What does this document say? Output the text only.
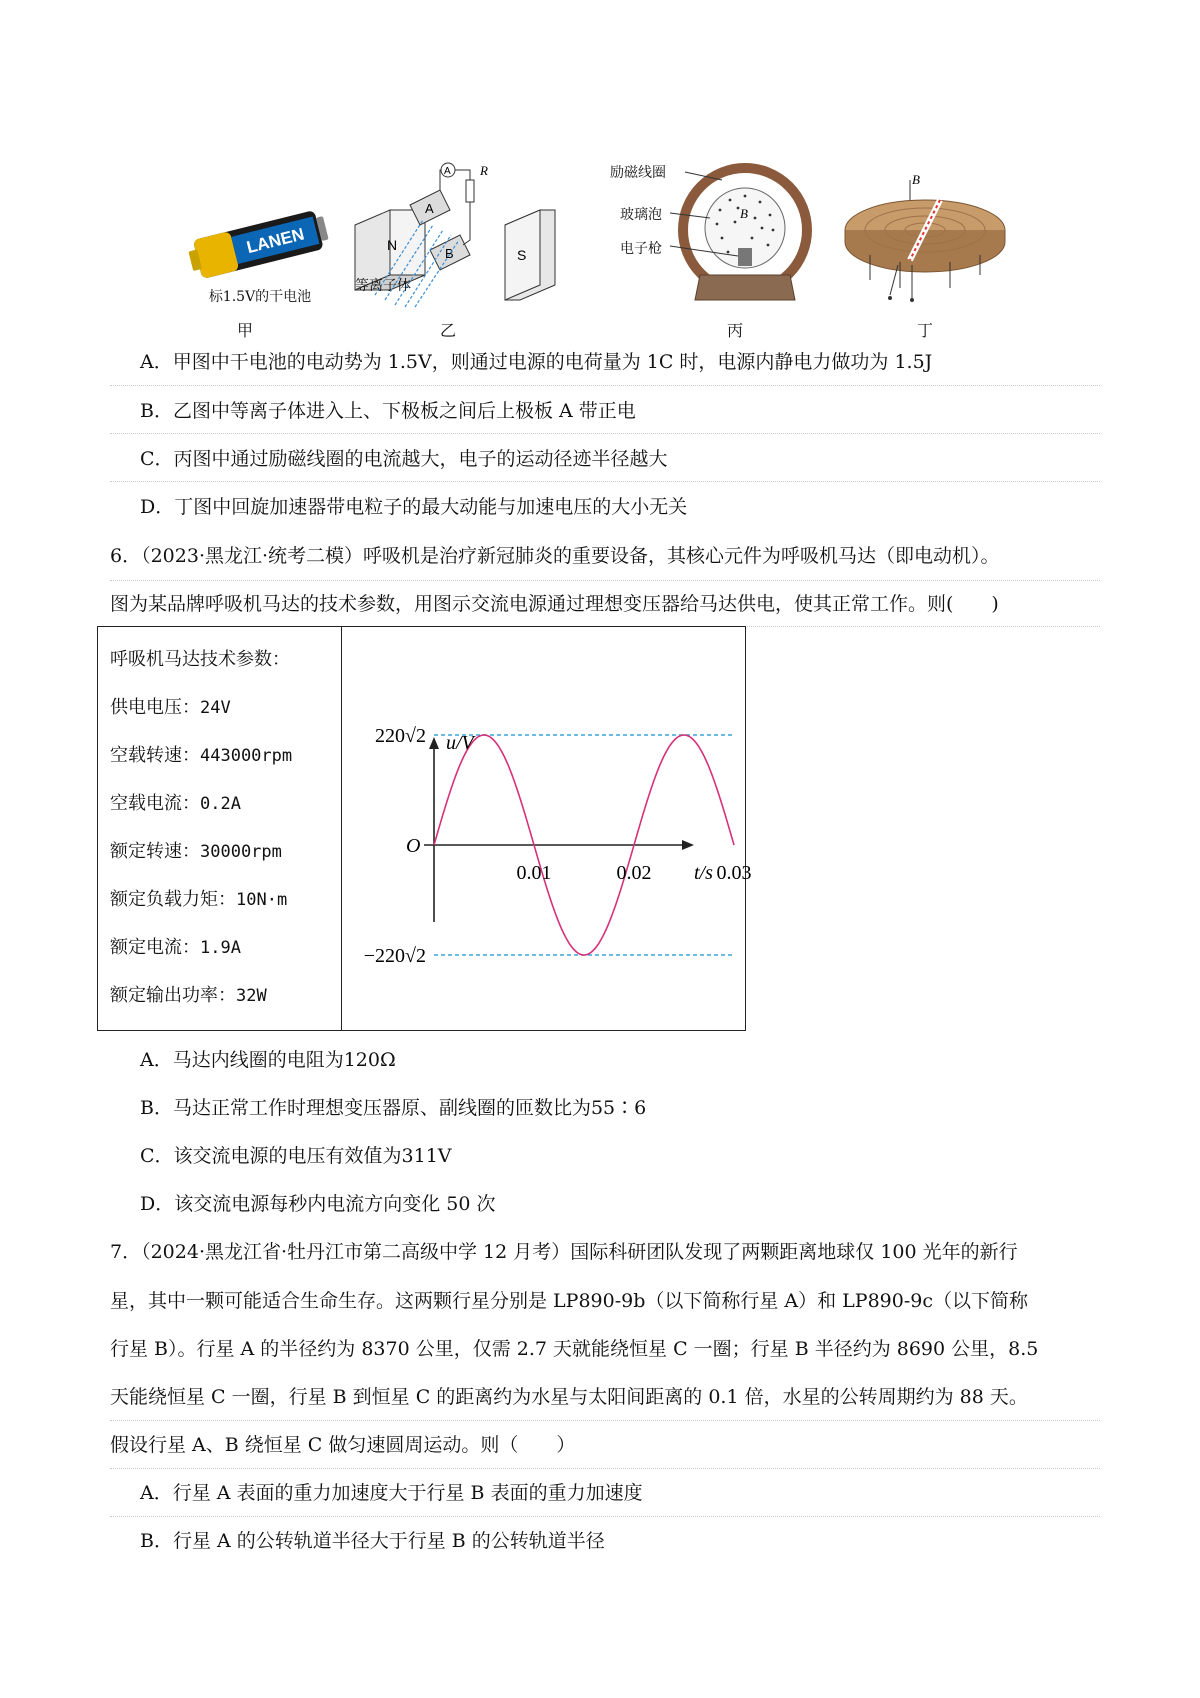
LANEN
标1.5V的干电池
甲
N
S
A
B
A R
等离子体
乙
励磁线圈
玻璃泡
电子枪
B
丙
B
丁
A．甲图中干电池的电动势为 1.5V，则通过电源的电荷量为 1C 时，电源内静电力做功为 1.5J
B．乙图中等离子体进入上、下极板之间后上极板 A 带正电
C．丙图中通过励磁线圈的电流越大，电子的运动径迹半径越大
D．丁图中回旋加速器带电粒子的最大动能与加速电压的大小无关
6．（2023·黑龙江·统考二模）呼吸机是治疗新冠肺炎的重要设备，其核心元件为呼吸机马达（即电动机）。
图为某品牌呼吸机马达的技术参数，用图示交流电源通过理想变压器给马达供电，使其正常工作。则(　　)
呼吸机马达技术参数：
供电电压：24V
空载转速：443000rpm
空载电流：0.2A
额定转速：30000rpm
额定负载力矩：10N·m
额定电流：1.9A
额定输出功率：32W
u/V
t/s
O
220√2
−220√2
0.01	0.02	0.03
A．马达内线圈的电阻为120Ω
B．马达正常工作时理想变压器原、副线圈的匝数比为55∶6
C．该交流电源的电压有效值为311V
D．该交流电源每秒内电流方向变化 50 次
7．（2024·黑龙江省·牡丹江市第二高级中学 12 月考）国际科研团队发现了两颗距离地球仅 100 光年的新行
星，其中一颗可能适合生命生存。这两颗行星分别是 LP890-9b（以下简称行星 A）和 LP890-9c（以下简称
行星 B）。行星 A 的半径约为 8370 公里，仅需 2.7 天就能绕恒星 C 一圈；行星 B 半径约为 8690 公里，8.5
天能绕恒星 C 一圈，行星 B 到恒星 C 的距离约为水星与太阳间距离的 0.1 倍，水星的公转周期约为 88 天。
假设行星 A、B 绕恒星 C 做匀速圆周运动。则（　　）
A．行星 A 表面的重力加速度大于行星 B 表面的重力加速度
B．行星 A 的公转轨道半径大于行星 B 的公转轨道半径
